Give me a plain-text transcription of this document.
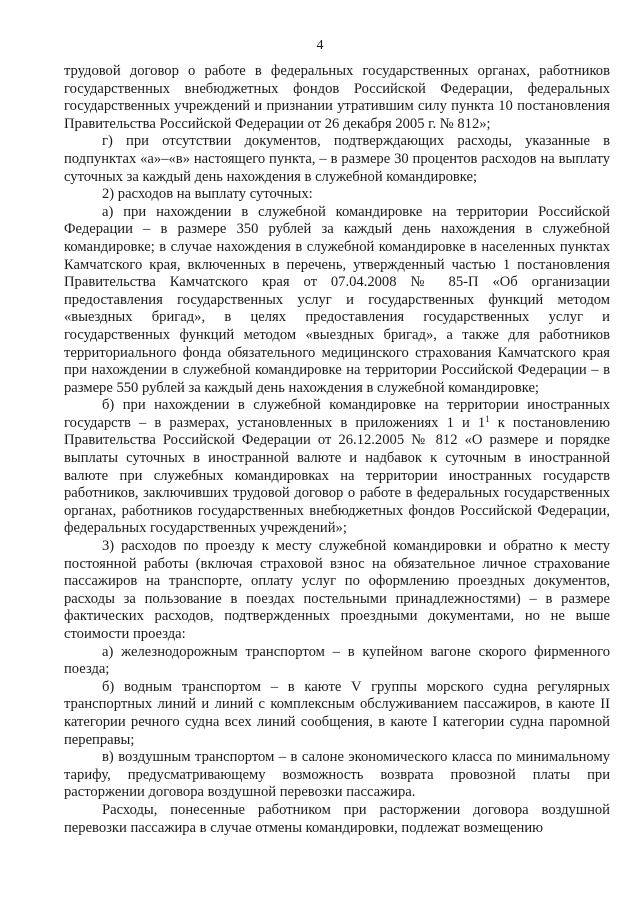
4

трудовой договор о работе в федеральных государственных органах, работников государственных внебюджетных фондов Российской Федерации, федеральных государственных учреждений и признании утратившим силу пункта 10 постановления Правительства Российской Федерации от 26 декабря 2005 г. № 812»;

г) при отсутствии документов, подтверждающих расходы, указанные в подпунктах «а»–«в» настоящего пункта, – в размере 30 процентов расходов на выплату суточных за каждый день нахождения в служебной командировке;

2) расходов на выплату суточных:

а) при нахождении в служебной командировке на территории Российской Федерации – в размере 350 рублей за каждый день нахождения в служебной командировке; в случае нахождения в служебной командировке в населенных пунктах Камчатского края, включенных в перечень, утвержденный частью 1 постановления Правительства Камчатского края от 07.04.2008 № 85-П «Об организации предоставления государственных услуг и государственных функций методом «выездных бригад», в целях предоставления государственных услуг и государственных функций методом «выездных бригад», а также для работников территориального фонда обязательного медицинского страхования Камчатского края при нахождении в служебной командировке на территории Российской Федерации – в размере 550 рублей за каждый день нахождения в служебной командировке;

б) при нахождении в служебной командировке на территории иностранных государств – в размерах, установленных в приложениях 1 и $1^1$ к постановлению Правительства Российской Федерации от 26.12.2005 № 812 «О размере и порядке выплаты суточных в иностранной валюте и надбавок к суточным в иностранной валюте при служебных командировках на территории иностранных государств работников, заключивших трудовой договор о работе в федеральных государственных органах, работников государственных внебюджетных фондов Российской Федерации, федеральных государственных учреждений»;

3) расходов по проезду к месту служебной командировки и обратно к месту постоянной работы (включая страховой взнос на обязательное личное страхование пассажиров на транспорте, оплату услуг по оформлению проездных документов, расходы за пользование в поездах постельными принадлежностями) – в размере фактических расходов, подтвержденных проездными документами, но не выше стоимости проезда:

а) железнодорожным транспортом – в купейном вагоне скорого фирменного поезда;

б) водным транспортом – в каюте V группы морского судна регулярных транспортных линий и линий с комплексным обслуживанием пассажиров, в каюте II категории речного судна всех линий сообщения, в каюте I категории судна паромной переправы;

в) воздушным транспортом – в салоне экономического класса по минимальному тарифу, предусматривающему возможность возврата провозной платы при расторжении договора воздушной перевозки пассажира.

Расходы, понесенные работником при расторжении договора воздушной перевозки пассажира в случае отмены командировки, подлежат возмещению
